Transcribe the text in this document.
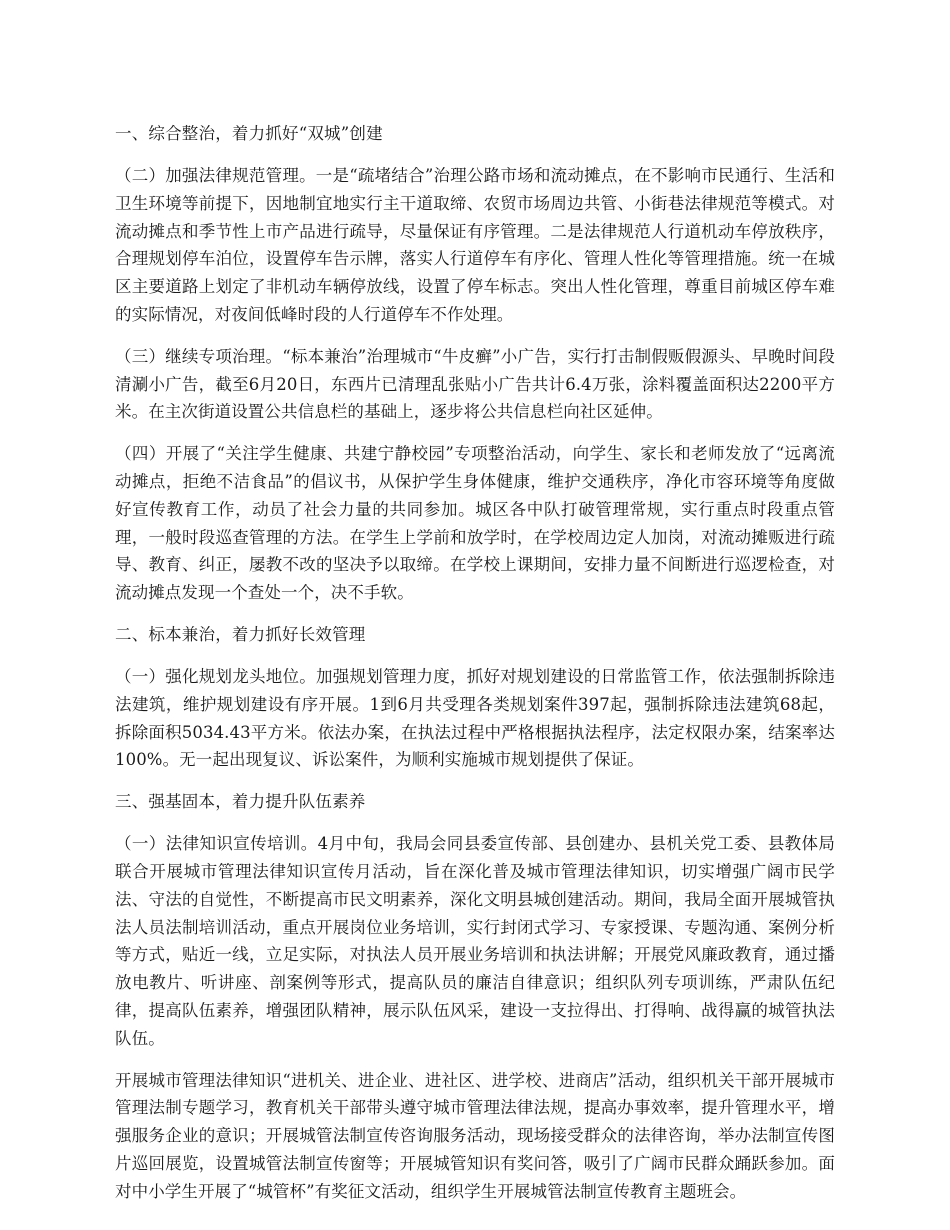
一、综合整治，着力抓好“双城”创建
（二）加强法律规范管理。一是“疏堵结合”治理公路市场和流动摊点，在不影响市民通行、生活和卫生环境等前提下，因地制宜地实行主干道取缔、农贸市场周边共管、小街巷法律规范等模式。对流动摊点和季节性上市产品进行疏导，尽量保证有序管理。二是法律规范人行道机动车停放秩序，合理规划停车泊位，设置停车告示牌，落实人行道停车有序化、管理人性化等管理措施。统一在城区主要道路上划定了非机动车辆停放线，设置了停车标志。突出人性化管理，尊重目前城区停车难的实际情况，对夜间低峰时段的人行道停车不作处理。
（三）继续专项治理。“标本兼治”治理城市“牛皮癣”小广告，实行打击制假贩假源头、早晚时间段清涮小广告，截至6月20日，东西片已清理乱张贴小广告共计6.4万张，涂料覆盖面积达2200平方米。在主次街道设置公共信息栏的基础上，逐步将公共信息栏向社区延伸。
（四）开展了“关注学生健康、共建宁静校园”专项整治活动，向学生、家长和老师发放了“远离流动摊点，拒绝不洁食品”的倡议书，从保护学生身体健康，维护交通秩序，净化市容环境等角度做好宣传教育工作，动员了社会力量的共同参加。城区各中队打破管理常规，实行重点时段重点管理，一般时段巡查管理的方法。在学生上学前和放学时，在学校周边定人加岗，对流动摊贩进行疏导、教育、纠正，屡教不改的坚决予以取缔。在学校上课期间，安排力量不间断进行巡逻检查，对流动摊点发现一个查处一个，决不手软。
二、标本兼治，着力抓好长效管理
（一）强化规划龙头地位。加强规划管理力度，抓好对规划建设的日常监管工作，依法强制拆除违法建筑，维护规划建设有序开展。1到6月共受理各类规划案件397起，强制拆除违法建筑68起，拆除面积5034.43平方米。依法办案，在执法过程中严格根据执法程序，法定权限办案，结案率达100%。无一起出现复议、诉讼案件，为顺利实施城市规划提供了保证。
三、强基固本，着力提升队伍素养
（一）法律知识宣传培训。4月中旬，我局会同县委宣传部、县创建办、县机关党工委、县教体局联合开展城市管理法律知识宣传月活动，旨在深化普及城市管理法律知识，切实增强广阔市民学法、守法的自觉性，不断提高市民文明素养，深化文明县城创建活动。期间，我局全面开展城管执法人员法制培训活动，重点开展岗位业务培训，实行封闭式学习、专家授课、专题沟通、案例分析等方式，贴近一线，立足实际，对执法人员开展业务培训和执法讲解；开展党风廉政教育，通过播放电教片、听讲座、剖案例等形式，提高队员的廉洁自律意识；组织队列专项训练，严肃队伍纪律，提高队伍素养，增强团队精神，展示队伍风采，建设一支拉得出、打得响、战得赢的城管执法队伍。
开展城市管理法律知识“进机关、进企业、进社区、进学校、进商店”活动，组织机关干部开展城市管理法制专题学习，教育机关干部带头遵守城市管理法律法规，提高办事效率，提升管理水平，增强服务企业的意识；开展城管法制宣传咨询服务活动，现场接受群众的法律咨询，举办法制宣传图片巡回展览，设置城管法制宣传窗等；开展城管知识有奖问答，吸引了广阔市民群众踊跃参加。面对中小学生开展了“城管杯”有奖征文活动，组织学生开展城管法制宣传教育主题班会。
